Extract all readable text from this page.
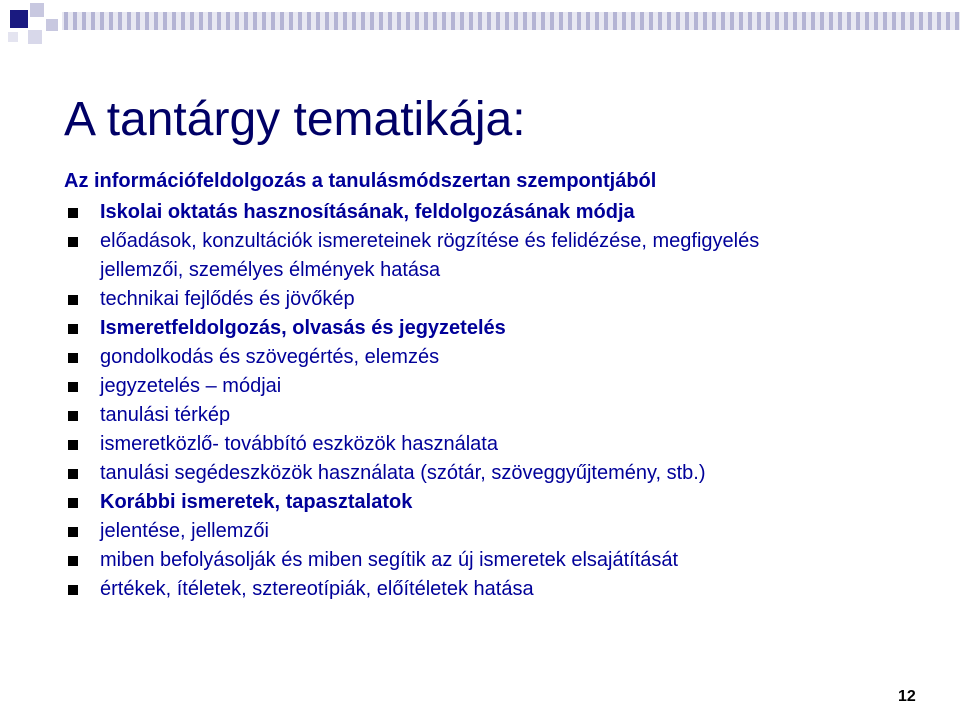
A tantárgy tematikája:
Az információfeldolgozás a tanulásmódszertan szempontjából
Iskolai oktatás hasznosításának, feldolgozásának módja
előadások, konzultációk ismereteinek rögzítése és felidézése, megfigyelés
jellemzői, személyes élmények hatása
technikai fejlődés és jövőkép
Ismeretfeldolgozás, olvasás és jegyzetelés
gondolkodás és szövegértés, elemzés
jegyzetelés – módjai
tanulási térkép
ismeretközlő- továbbító eszközök használata
tanulási segédeszközök használata (szótár, szöveggyűjtemény, stb.)
Korábbi ismeretek, tapasztalatok
jelentése, jellemzői
miben befolyásolják és miben segítik az új ismeretek elsajátítását
értékek, ítéletek, sztereotípiák, előítéletek hatása
12
